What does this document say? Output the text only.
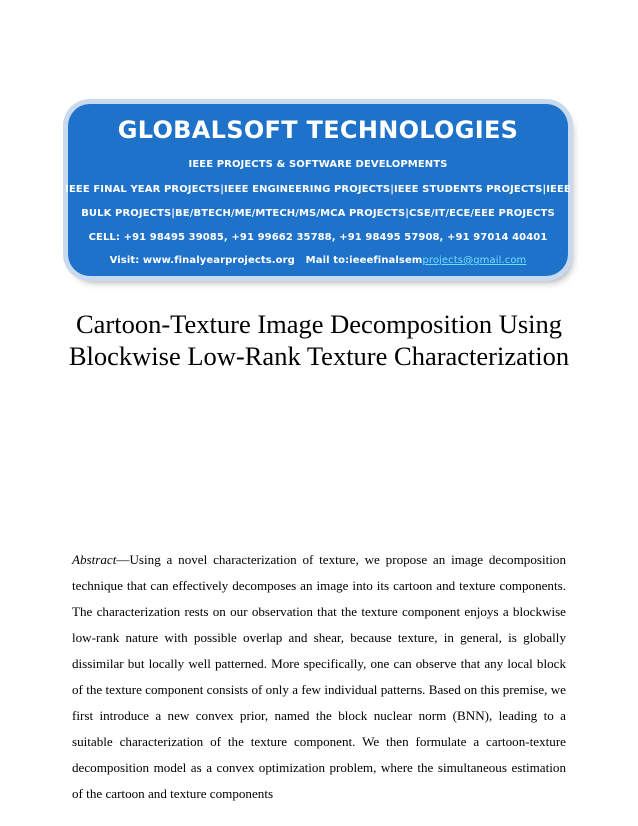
GLOBALSOFT TECHNOLOGIES
IEEE PROJECTS & SOFTWARE DEVELOPMENTS
IEEE FINAL YEAR PROJECTS|IEEE ENGINEERING PROJECTS|IEEE STUDENTS PROJECTS|IEEE
BULK PROJECTS|BE/BTECH/ME/MTECH/MS/MCA PROJECTS|CSE/IT/ECE/EEE PROJECTS
CELL: +91 98495 39085, +91 99662 35788, +91 98495 57908, +91 97014 40401
Visit: www.finalyearprojects.org   Mail to:ieeefinalsemprojects@gmail.com
Cartoon-Texture Image Decomposition Using
Blockwise Low-Rank Texture Characterization
Abstract—Using a novel characterization of texture, we propose an image decomposition technique that can effectively decomposes an image into its cartoon and texture components. The characterization rests on our observation that the texture component enjoys a blockwise low-rank nature with possible overlap and shear, because texture, in general, is globally dissimilar but locally well patterned. More specifically, one can observe that any local block of the texture component consists of only a few individual patterns. Based on this premise, we first introduce a new convex prior, named the block nuclear norm (BNN), leading to a suitable characterization of the texture component. We then formulate a cartoon-texture decomposition model as a convex optimization problem, where the simultaneous estimation of the cartoon and texture components
